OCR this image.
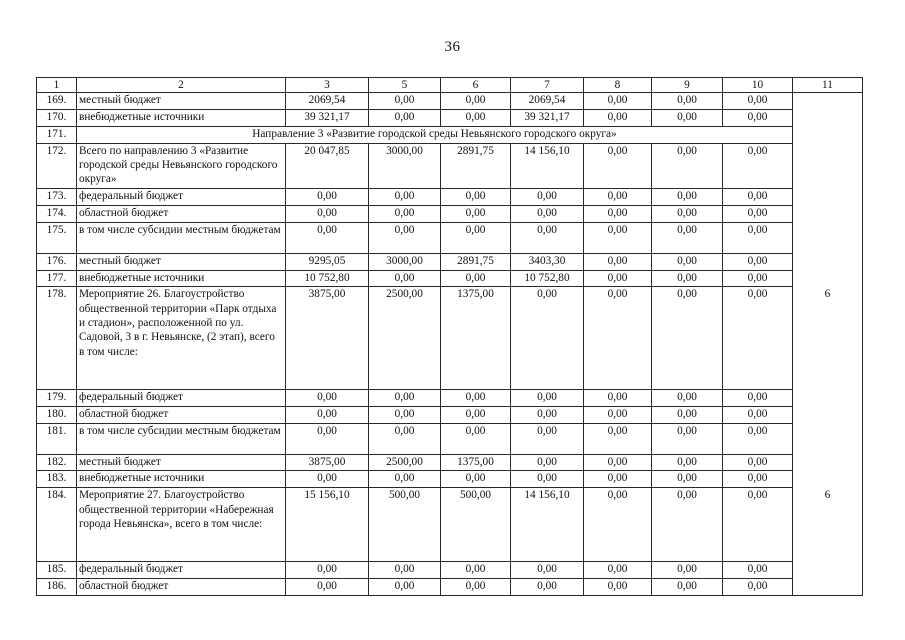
36
1	2	3	5	6	7	8	9	10	11
169.	местный бюджет	2069,54	0,00	0,00	2069,54	0,00	0,00	0,00	
170.	внебюджетные источники	39 321,17	0,00	0,00	39 321,17	0,00	0,00	0,00	
171.	Направление 3 «Развитие городской среды Невьянского городского округа»								
172.	Всего по направлению 3 «Развитие городской среды Невьянского городского округа»	20 047,85	3000,00	2891,75	14 156,10	0,00	0,00	0,00	
173.	федеральный бюджет	0,00	0,00	0,00	0,00	0,00	0,00	0,00	
174.	областной бюджет	0,00	0,00	0,00	0,00	0,00	0,00	0,00	
175.	в том числе субсидии местным бюджетам	0,00	0,00	0,00	0,00	0,00	0,00	0,00	
176.	местный бюджет	9295,05	3000,00	2891,75	3403,30	0,00	0,00	0,00	
177.	внебюджетные источники	10 752,80	0,00	0,00	10 752,80	0,00	0,00	0,00	
178.	Мероприятие 26. Благоустройство общественной территории «Парк отдыха и стадион», расположенной по ул. Садовой, 3 в г. Невьянске, (2 этап), всего в том числе:	3875,00	2500,00	1375,00	0,00	0,00	0,00	0,00	6
179.	федеральный бюджет	0,00	0,00	0,00	0,00	0,00	0,00	0,00	
180.	областной бюджет	0,00	0,00	0,00	0,00	0,00	0,00	0,00	
181.	в том числе субсидии местным бюджетам	0,00	0,00	0,00	0,00	0,00	0,00	0,00	
182.	местный бюджет	3875,00	2500,00	1375,00	0,00	0,00	0,00	0,00	
183.	внебюджетные источники	0,00	0,00	0,00	0,00	0,00	0,00	0,00	
184.	Мероприятие 27. Благоустройство общественной территории «Набережная города Невьянска», всего в том числе:	15 156,10	500,00	500,00	14 156,10	0,00	0,00	0,00	6
185.	федеральный бюджет	0,00	0,00	0,00	0,00	0,00	0,00	0,00	
186.	областной бюджет	0,00	0,00	0,00	0,00	0,00	0,00	0,00	
